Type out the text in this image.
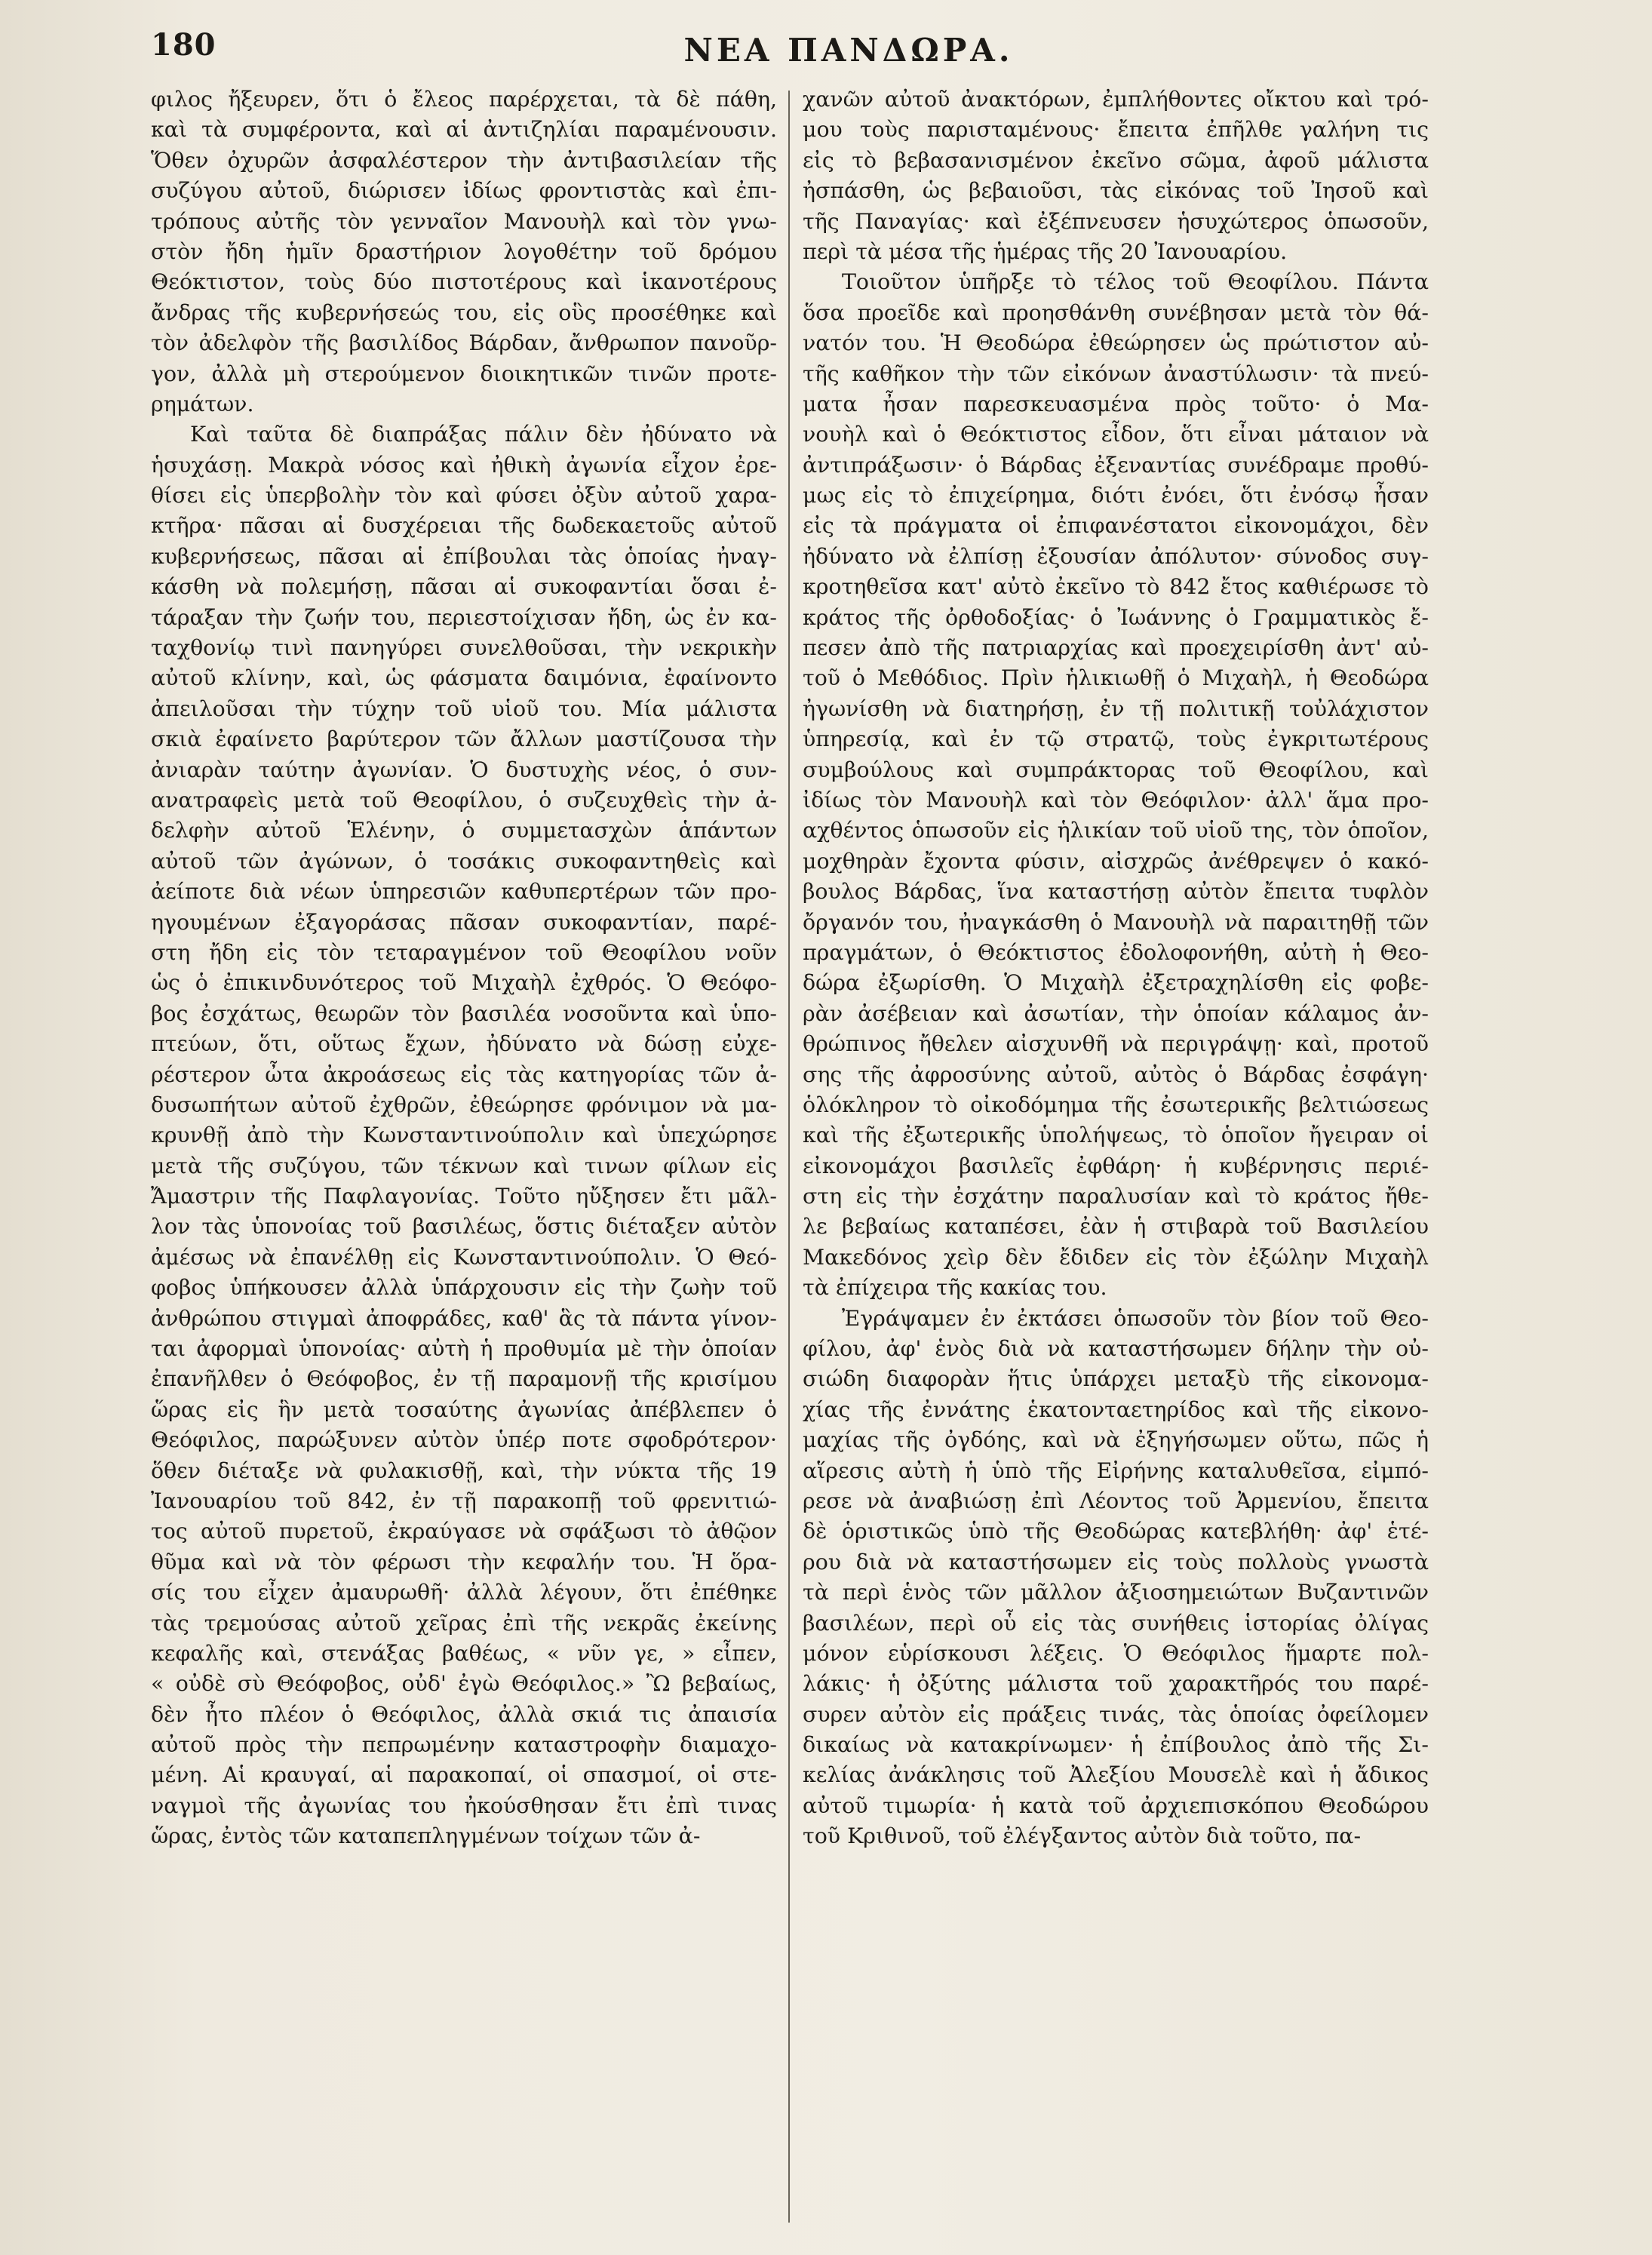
180	ΝΕΑ ΠΑΝΔΩΡΑ.
φιλος ἤξευρεν, ὅτι ὁ ἔλεος παρέρχεται, τὰ δὲ πάθη,
καὶ τὰ συμφέροντα, καὶ αἱ ἀντιζηλίαι παραμένουσιν.
Ὅθεν ὀχυρῶν ἀσφαλέστερον τὴν ἀντιβασιλείαν τῆς
συζύγου αὐτοῦ, διώρισεν ἰδίως φροντιστὰς καὶ ἐπι-
τρόπους αὐτῆς τὸν γενναῖον Μανουὴλ καὶ τὸν γνω-
στὸν ἤδη ἡμῖν δραστήριον λογοθέτην τοῦ δρόμου
Θεόκτιστον, τοὺς δύο πιστοτέρους καὶ ἱκανοτέρους
ἄνδρας τῆς κυβερνήσεώς του, εἰς οὓς προσέθηκε καὶ
τὸν ἀδελφὸν τῆς βασιλίδος Βάρδαν, ἄνθρωπον πανοῦρ-
γον, ἀλλὰ μὴ στερούμενον διοικητικῶν τινῶν προτε-
ρημάτων.
Καὶ ταῦτα δὲ διαπράξας πάλιν δὲν ἠδύνατο νὰ
ἡσυχάσῃ. Μακρὰ νόσος καὶ ἠθικὴ ἀγωνία εἶχον ἐρε-
θίσει εἰς ὑπερβολὴν τὸν καὶ φύσει ὀξὺν αὐτοῦ χαρα-
κτῆρα· πᾶσαι αἱ δυσχέρειαι τῆς δωδεκαετοῦς αὐτοῦ
κυβερνήσεως, πᾶσαι αἱ ἐπίβουλαι τὰς ὁποίας ἠναγ-
κάσθη νὰ πολεμήσῃ, πᾶσαι αἱ συκοφαντίαι ὅσαι ἐ-
τάραξαν τὴν ζωήν του, περιεστοίχισαν ἤδη, ὡς ἐν κα-
ταχθονίῳ τινὶ πανηγύρει συνελθοῦσαι, τὴν νεκρικὴν
αὐτοῦ κλίνην, καὶ, ὡς φάσματα δαιμόνια, ἐφαίνοντο
ἀπειλοῦσαι τὴν τύχην τοῦ υἱοῦ του. Μία μάλιστα
σκιὰ ἐφαίνετο βαρύτερον τῶν ἄλλων μαστίζουσα τὴν
ἀνιαρὰν ταύτην ἀγωνίαν. Ὁ δυστυχὴς νέος, ὁ συν-
ανατραφεὶς μετὰ τοῦ Θεοφίλου, ὁ συζευχθεὶς τὴν ἀ-
δελφὴν αὐτοῦ Ἑλένην, ὁ συμμετασχὼν ἁπάντων
αὐτοῦ τῶν ἀγώνων, ὁ τοσάκις συκοφαντηθεὶς καὶ
ἀείποτε διὰ νέων ὑπηρεσιῶν καθυπερτέρων τῶν προ-
ηγουμένων ἐξαγοράσας πᾶσαν συκοφαντίαν, παρέ-
στη ἤδη εἰς τὸν τεταραγμένον τοῦ Θεοφίλου νοῦν
ὡς ὁ ἐπικινδυνότερος τοῦ Μιχαὴλ ἐχθρός. Ὁ Θεόφο-
βος ἐσχάτως, θεωρῶν τὸν βασιλέα νοσοῦντα καὶ ὑπο-
πτεύων, ὅτι, οὕτως ἔχων, ἠδύνατο νὰ δώσῃ εὐχε-
ρέστερον ὦτα ἀκροάσεως εἰς τὰς κατηγορίας τῶν ἀ-
δυσωπήτων αὐτοῦ ἐχθρῶν, ἐθεώρησε φρόνιμον νὰ μα-
κρυνθῇ ἀπὸ τὴν Κωνσταντινούπολιν καὶ ὑπεχώρησε
μετὰ τῆς συζύγου, τῶν τέκνων καὶ τινων φίλων εἰς
Ἄμαστριν τῆς Παφλαγονίας. Τοῦτο ηὔξησεν ἔτι μᾶλ-
λον τὰς ὑπονοίας τοῦ βασιλέως, ὅστις διέταξεν αὐτὸν
ἀμέσως νὰ ἐπανέλθῃ εἰς Κωνσταντινούπολιν. Ὁ Θεό-
φοβος ὑπήκουσεν ἀλλὰ ὑπάρχουσιν εἰς τὴν ζωὴν τοῦ
ἀνθρώπου στιγμαὶ ἀποφράδες, καθ' ἃς τὰ πάντα γίνον-
ται ἀφορμαὶ ὑπονοίας· αὐτὴ ἡ προθυμία μὲ τὴν ὁποίαν
ἐπανῆλθεν ὁ Θεόφοβος, ἐν τῇ παραμονῇ τῆς κρισίμου
ὥρας εἰς ἣν μετὰ τοσαύτης ἀγωνίας ἀπέβλεπεν ὁ
Θεόφιλος, παρώξυνεν αὐτὸν ὑπέρ ποτε σφοδρότερον·
ὅθεν διέταξε νὰ φυλακισθῇ, καὶ, τὴν νύκτα τῆς 19
Ἰανουαρίου τοῦ 842, ἐν τῇ παρακοπῇ τοῦ φρενιτιώ-
τος αὐτοῦ πυρετοῦ, ἐκραύγασε νὰ σφάξωσι τὸ ἀθῷον
θῦμα καὶ νὰ τὸν φέρωσι τὴν κεφαλήν του. Ἡ ὅρα-
σίς του εἶχεν ἀμαυρωθῆ· ἀλλὰ λέγουν, ὅτι ἐπέθηκε
τὰς τρεμούσας αὐτοῦ χεῖρας ἐπὶ τῆς νεκρᾶς ἐκείνης
κεφαλῆς καὶ, στενάξας βαθέως, « νῦν γε, » εἶπεν,
« οὐδὲ σὺ Θεόφοβος, οὐδ' ἐγὼ Θεόφιλος.» Ὢ βεβαίως,
δὲν ἦτο πλέον ὁ Θεόφιλος, ἀλλὰ σκιά τις ἀπαισία
αὐτοῦ πρὸς τὴν πεπρωμένην καταστροφὴν διαμαχο-
μένη. Αἱ κραυγαί, αἱ παρακοπαί, οἱ σπασμοί, οἱ στε-
ναγμοὶ τῆς ἀγωνίας του ἠκούσθησαν ἔτι ἐπὶ τινας
ὥρας, ἐντὸς τῶν καταπεπληγμένων τοίχων τῶν ἀ-
χανῶν αὐτοῦ ἀνακτόρων, ἐμπλήθοντες οἴκτου καὶ τρό-
μου τοὺς παρισταμένους· ἔπειτα ἐπῆλθε γαλήνη τις
εἰς τὸ βεβασανισμένον ἐκεῖνο σῶμα, ἀφοῦ μάλιστα
ἠσπάσθη, ὡς βεβαιοῦσι, τὰς εἰκόνας τοῦ Ἰησοῦ καὶ
τῆς Παναγίας· καὶ ἐξέπνευσεν ἡσυχώτερος ὁπωσοῦν,
περὶ τὰ μέσα τῆς ἡμέρας τῆς 20 Ἰανουαρίου.
Τοιοῦτον ὑπῆρξε τὸ τέλος τοῦ Θεοφίλου. Πάντα
ὅσα προεῖδε καὶ προησθάνθη συνέβησαν μετὰ τὸν θά-
νατόν του. Ἡ Θεοδώρα ἐθεώρησεν ὡς πρώτιστον αὐ-
τῆς καθῆκον τὴν τῶν εἰκόνων ἀναστύλωσιν· τὰ πνεύ-
ματα ἦσαν παρεσκευασμένα πρὸς τοῦτο· ὁ Μα-
νουὴλ καὶ ὁ Θεόκτιστος εἶδον, ὅτι εἶναι μάταιον νὰ
ἀντιπράξωσιν· ὁ Βάρδας ἐξεναντίας συνέδραμε προθύ-
μως εἰς τὸ ἐπιχείρημα, διότι ἐνόει, ὅτι ἐνόσῳ ἦσαν
εἰς τὰ πράγματα οἱ ἐπιφανέστατοι εἰκονομάχοι, δὲν
ἠδύνατο νὰ ἐλπίσῃ ἐξουσίαν ἀπόλυτον· σύνοδος συγ-
κροτηθεῖσα κατ' αὐτὸ ἐκεῖνο τὸ 842 ἔτος καθιέρωσε τὸ
κράτος τῆς ὀρθοδοξίας· ὁ Ἰωάννης ὁ Γραμματικὸς ἔ-
πεσεν ἀπὸ τῆς πατριαρχίας καὶ προεχειρίσθη ἀντ' αὐ-
τοῦ ὁ Μεθόδιος. Πρὶν ἡλικιωθῇ ὁ Μιχαὴλ, ἡ Θεοδώρα
ἠγωνίσθη νὰ διατηρήσῃ, ἐν τῇ πολιτικῇ τοὐλάχιστον
ὑπηρεσίᾳ, καὶ ἐν τῷ στρατῷ, τοὺς ἐγκριτωτέρους
συμβούλους καὶ συμπράκτορας τοῦ Θεοφίλου, καὶ
ἰδίως τὸν Μανουὴλ καὶ τὸν Θεόφιλον· ἀλλ' ἅμα προ-
αχθέντος ὁπωσοῦν εἰς ἡλικίαν τοῦ υἱοῦ της, τὸν ὁποῖον,
μοχθηρὰν ἔχοντα φύσιν, αἰσχρῶς ἀνέθρεψεν ὁ κακό-
βουλος Βάρδας, ἵνα καταστήσῃ αὐτὸν ἔπειτα τυφλὸν
ὄργανόν του, ἠναγκάσθη ὁ Μανουὴλ νὰ παραιτηθῇ τῶν
πραγμάτων, ὁ Θεόκτιστος ἐδολοφονήθη, αὐτὴ ἡ Θεο-
δώρα ἐξωρίσθη. Ὁ Μιχαὴλ ἐξετραχηλίσθη εἰς φοβε-
ρὰν ἀσέβειαν καὶ ἀσωτίαν, τὴν ὁποίαν κάλαμος ἀν-
θρώπινος ἤθελεν αἰσχυνθῆ νὰ περιγράψῃ· καὶ, προτοῦ
σης τῆς ἀφροσύνης αὐτοῦ, αὐτὸς ὁ Βάρδας ἐσφάγη·
ὁλόκληρον τὸ οἰκοδόμημα τῆς ἐσωτερικῆς βελτιώσεως
καὶ τῆς ἐξωτερικῆς ὑπολήψεως, τὸ ὁποῖον ἤγειραν οἱ
εἰκονομάχοι βασιλεῖς ἐφθάρη· ἡ κυβέρνησις περιέ-
στη εἰς τὴν ἐσχάτην παραλυσίαν καὶ τὸ κράτος ἤθε-
λε βεβαίως καταπέσει, ἐὰν ἡ στιβαρὰ τοῦ Βασιλείου
Μακεδόνος χεὶρ δὲν ἔδιδεν εἰς τὸν ἐξώλην Μιχαὴλ
τὰ ἐπίχειρα τῆς κακίας του.
Ἐγράψαμεν ἐν ἐκτάσει ὁπωσοῦν τὸν βίον τοῦ Θεο-
φίλου, ἀφ' ἑνὸς διὰ νὰ καταστήσωμεν δήλην τὴν οὐ-
σιώδη διαφορὰν ἥτις ὑπάρχει μεταξὺ τῆς εἰκονομα-
χίας τῆς ἐννάτης ἑκατονταετηρίδος καὶ τῆς εἰκονο-
μαχίας τῆς ὀγδόης, καὶ νὰ ἐξηγήσωμεν οὕτω, πῶς ἡ
αἵρεσις αὐτὴ ἡ ὑπὸ τῆς Εἰρήνης καταλυθεῖσα, εἰμπό-
ρεσε νὰ ἀναβιώσῃ ἐπὶ Λέοντος τοῦ Ἀρμενίου, ἔπειτα
δὲ ὁριστικῶς ὑπὸ τῆς Θεοδώρας κατεβλήθη· ἀφ' ἑτέ-
ρου διὰ νὰ καταστήσωμεν εἰς τοὺς πολλοὺς γνωστὰ
τὰ περὶ ἑνὸς τῶν μᾶλλον ἀξιοσημειώτων Βυζαντινῶν
βασιλέων, περὶ οὗ εἰς τὰς συνήθεις ἱστορίας ὀλίγας
μόνον εὑρίσκουσι λέξεις. Ὁ Θεόφιλος ἥμαρτε πολ-
λάκις· ἡ ὀξύτης μάλιστα τοῦ χαρακτῆρός του παρέ-
συρεν αὐτὸν εἰς πράξεις τινάς, τὰς ὁποίας ὀφείλομεν
δικαίως νὰ κατακρίνωμεν· ἡ ἐπίβουλος ἀπὸ τῆς Σι-
κελίας ἀνάκλησις τοῦ Ἀλεξίου Μουσελὲ καὶ ἡ ἄδικος
αὐτοῦ τιμωρία· ἡ κατὰ τοῦ ἀρχιεπισκόπου Θεοδώρου
τοῦ Κριθινοῦ, τοῦ ἐλέγξαντος αὐτὸν διὰ τοῦτο, πα-
